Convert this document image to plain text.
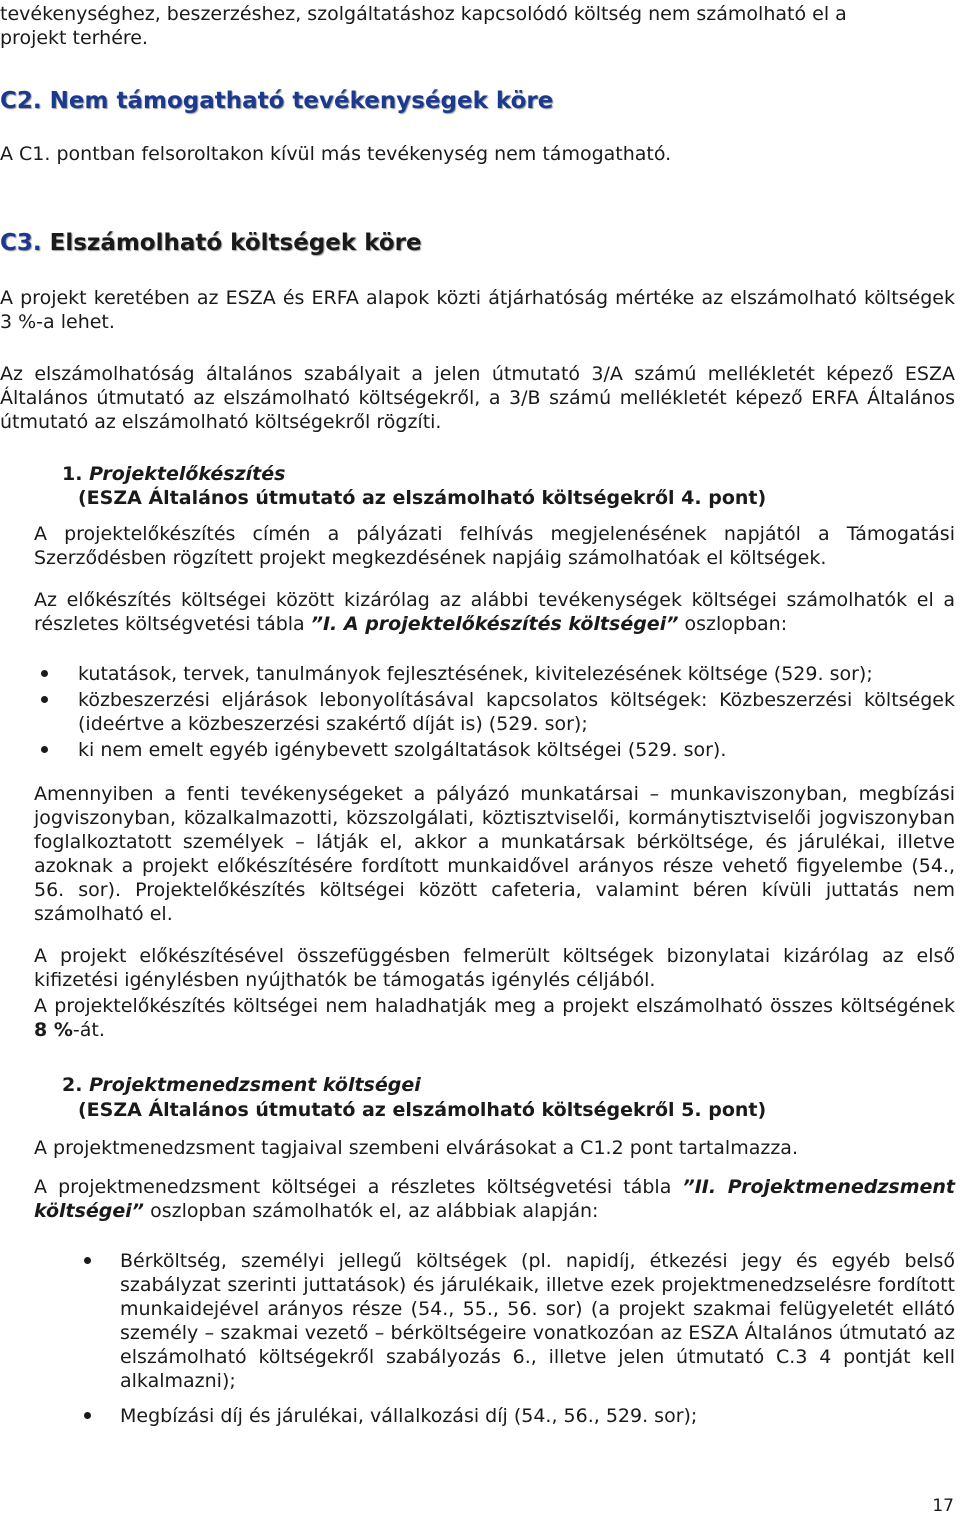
tevékenységhez, beszerzéshez, szolgáltatáshoz kapcsolódó költség nem számolható el a
projekt terhére.

C2. Nem támogatható tevékenységek köre

A C1. pontban felsoroltakon kívül más tevékenység nem támogatható.

C3. Elszámolható költségek köre

A projekt keretében az ESZA és ERFA alapok közti átjárhatóság mértéke az elszámolható költségek 3 %-a lehet.

Az elszámolhatóság általános szabályait a jelen útmutató 3/A számú mellékletét képező ESZA Általános útmutató az elszámolható költségekről, a 3/B számú mellékletét képező ERFA Általános útmutató az elszámolható költségekről rögzíti.

1. Projektelőkészítés
(ESZA Általános útmutató az elszámolható költségekről 4. pont)

A projektelőkészítés címén a pályázati felhívás megjelenésének napjától a Támogatási Szerződésben rögzített projekt megkezdésének napjáig számolhatóak el költségek.

Az előkészítés költségei között kizárólag az alábbi tevékenységek költségei számolhatók el a részletes költségvetési tábla ”I. A projektelőkészítés költségei” oszlopban:

kutatások, tervek, tanulmányok fejlesztésének, kivitelezésének költsége (529. sor);

közbeszerzési eljárások lebonyolításával kapcsolatos költségek: Közbeszerzési költségek (ideértve a közbeszerzési szakértő díját is) (529. sor);

ki nem emelt egyéb igénybevett szolgáltatások költségei (529. sor).

Amennyiben a fenti tevékenységeket a pályázó munkatársai – munkaviszonyban, megbízási jogviszonyban, közalkalmazotti, közszolgálati, köztisztviselői, kormánytisztviselői jogviszonyban foglalkoztatott személyek – látják el, akkor a munkatársak bérköltsége, és járulékai, illetve azoknak a projekt előkészítésére fordított munkaidővel arányos része vehető figyelembe (54., 56. sor). Projektelőkészítés költségei között cafeteria, valamint béren kívüli juttatás nem számolható el.

A projekt előkészítésével összefüggésben felmerült költségek bizonylatai kizárólag az első kifizetési igénylésben nyújthatók be támogatás igénylés céljából.

A projektelőkészítés költségei nem haladhatják meg a projekt elszámolható összes költségének 8 %-át.

2. Projektmenedzsment költségei
(ESZA Általános útmutató az elszámolható költségekről 5. pont)

A projektmenedzsment tagjaival szembeni elvárásokat a C1.2 pont tartalmazza.

A projektmenedzsment költségei a részletes költségvetési tábla ”II. Projektmenedzsment költségei” oszlopban számolhatók el, az alábbiak alapján:

Bérköltség, személyi jellegű költségek (pl. napidíj, étkezési jegy és egyéb belső szabályzat szerinti juttatások) és járulékaik, illetve ezek projektmenedzselésre fordított munkaidejével arányos része (54., 55., 56. sor) (a projekt szakmai felügyeletét ellátó személy – szakmai vezető – bérköltségeire vonatkozóan az ESZA Általános útmutató az elszámolható költségekről szabályozás 6., illetve jelen útmutató C.3 4 pontját kell alkalmazni);

Megbízási díj és járulékai, vállalkozási díj (54., 56., 529. sor);

17
